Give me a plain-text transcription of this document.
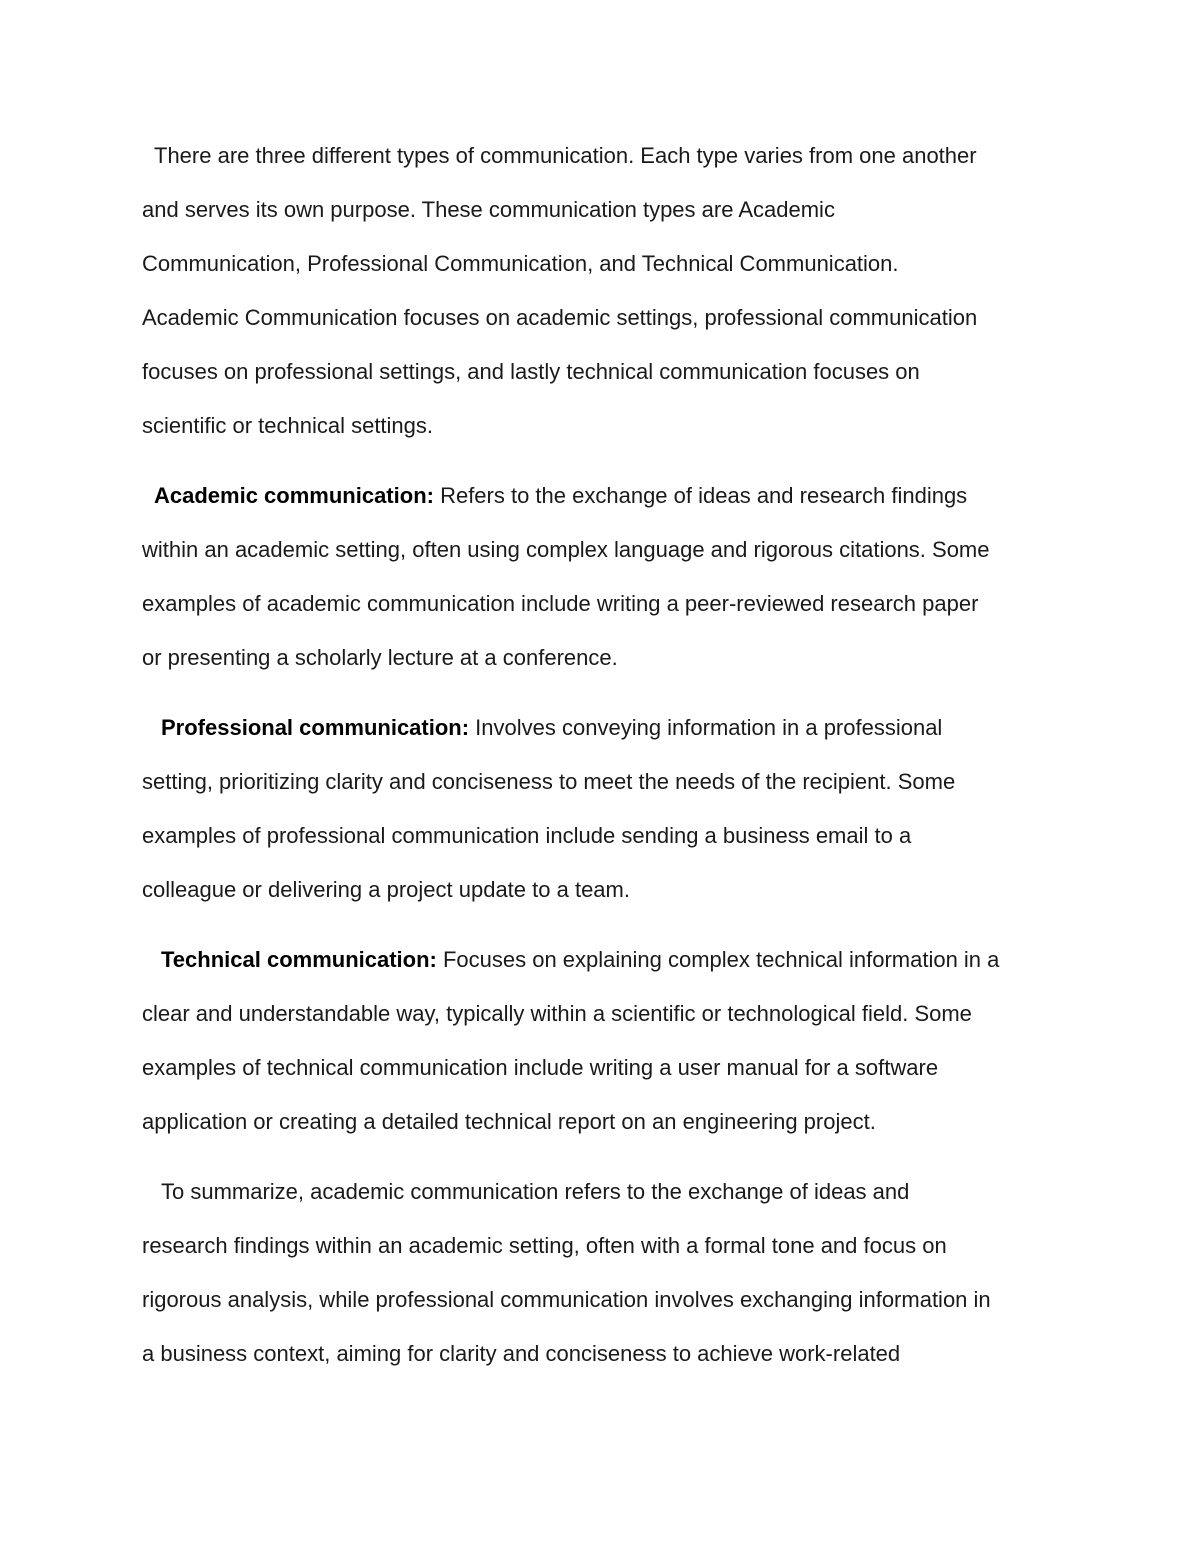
There are three different types of communication. Each type varies from one another

and serves its own purpose. These communication types are Academic

Communication, Professional Communication, and Technical Communication.

Academic Communication focuses on academic settings, professional communication

focuses on professional settings, and lastly technical communication focuses on

scientific or technical settings.

Academic communication: Refers to the exchange of ideas and research findings

within an academic setting, often using complex language and rigorous citations. Some

examples of academic communication include writing a peer-reviewed research paper

or presenting a scholarly lecture at a conference.

Professional communication: Involves conveying information in a professional

setting, prioritizing clarity and conciseness to meet the needs of the recipient. Some

examples of professional communication include sending a business email to a

colleague or delivering a project update to a team.

Technical communication: Focuses on explaining complex technical information in a

clear and understandable way, typically within a scientific or technological field. Some

examples of technical communication include writing a user manual for a software

application or creating a detailed technical report on an engineering project.

To summarize, academic communication refers to the exchange of ideas and

research findings within an academic setting, often with a formal tone and focus on

rigorous analysis, while professional communication involves exchanging information in

a business context, aiming for clarity and conciseness to achieve work-related
